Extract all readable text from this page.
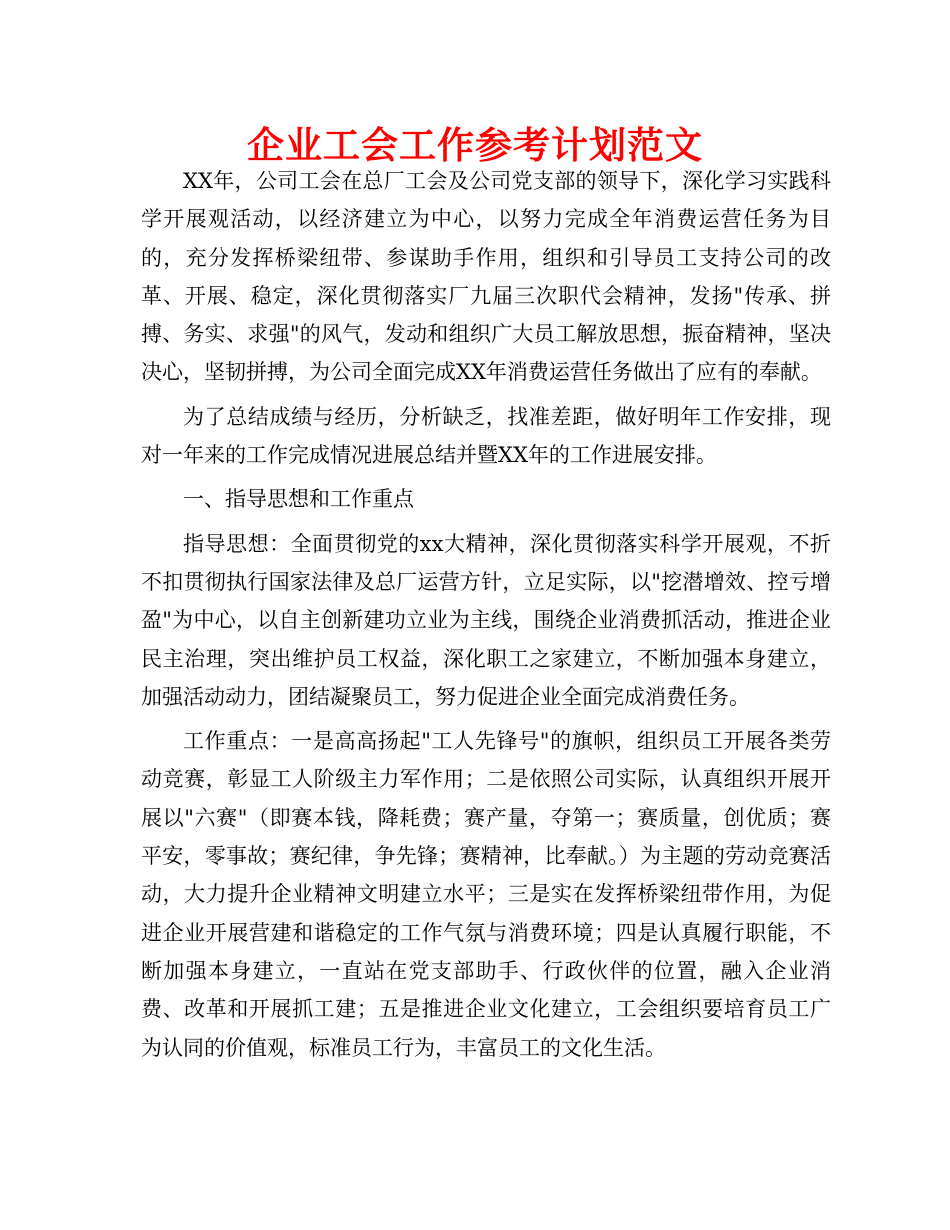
企业工会工作参考计划范文

XX年，公司工会在总厂工会及公司党支部的领导下，深化学习实践科学开展观活动，以经济建立为中心，以努力完成全年消费运营任务为目的，充分发挥桥梁纽带、参谋助手作用，组织和引导员工支持公司的改革、开展、稳定，深化贯彻落实厂九届三次职代会精神，发扬"传承、拼搏、务实、求强"的风气，发动和组织广大员工解放思想，振奋精神，坚决决心，坚韧拼搏，为公司全面完成XX年消费运营任务做出了应有的奉献。

为了总结成绩与经历，分析缺乏，找准差距，做好明年工作安排，现对一年来的工作完成情况进展总结并暨XX年的工作进展安排。

一、指导思想和工作重点

指导思想：全面贯彻党的xx大精神，深化贯彻落实科学开展观，不折不扣贯彻执行国家法律及总厂运营方针，立足实际，以"挖潜增效、控亏增盈"为中心，以自主创新建功立业为主线，围绕企业消费抓活动，推进企业民主治理，突出维护员工权益，深化职工之家建立，不断加强本身建立，加强活动动力，团结凝聚员工，努力促进企业全面完成消费任务。

工作重点：一是高高扬起"工人先锋号"的旗帜，组织员工开展各类劳动竞赛，彰显工人阶级主力军作用；二是依照公司实际，认真组织开展开展以"六赛"（即赛本钱，降耗费；赛产量，夺第一；赛质量，创优质；赛平安，零事故；赛纪律，争先锋；赛精神，比奉献。）为主题的劳动竞赛活动，大力提升企业精神文明建立水平；三是实在发挥桥梁纽带作用，为促进企业开展营建和谐稳定的工作气氛与消费环境；四是认真履行职能，不断加强本身建立，一直站在党支部助手、行政伙伴的位置，融入企业消费、改革和开展抓工建；五是推进企业文化建立，工会组织要培育员工广为认同的价值观，标准员工行为，丰富员工的文化生活。
